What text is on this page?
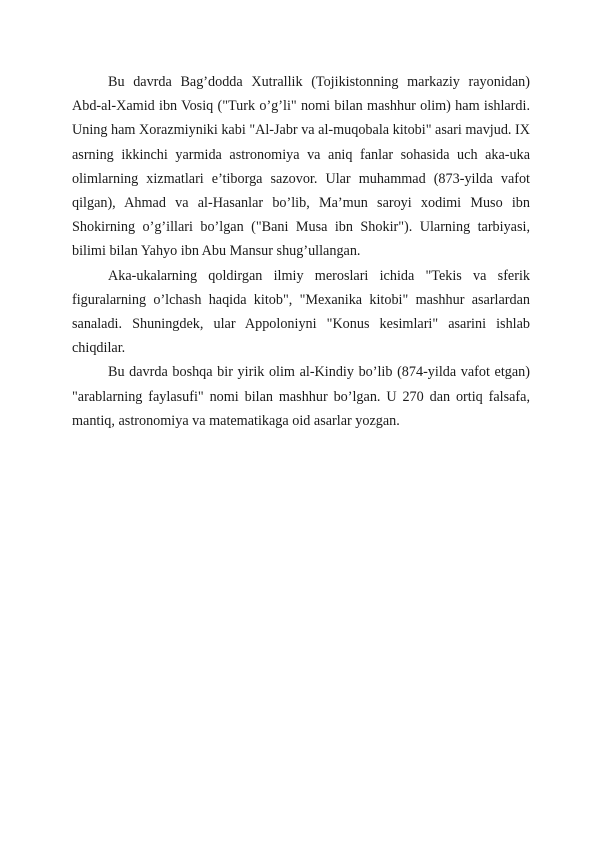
Bu davrda Bag’dodda Xutrallik (Tojikistonning markaziy rayonidan) Abd-al-Xamid ibn Vosiq ("Turk o’g’li" nomi bilan mashhur olim) ham ishlardi. Uning ham Xorazmiyniki kabi "Al-Jabr va al-muqobala kitobi" asari mavjud. IX asrning ikkinchi yarmida astronomiya va aniq fanlar sohasida uch aka-uka olimlarning xizmatlari e’tiborga sazovor. Ular muhammad (873-yilda vafot qilgan), Ahmad va al-Hasanlar bo’lib, Ma’mun saroyi xodimi Muso ibn Shokirning o’g’illari bo’lgan ("Bani Musa ibn Shokir"). Ularning tarbiyasi, bilimi bilan Yahyo ibn Abu Mansur shug’ullangan.

Aka-ukalarning qoldirgan ilmiy meroslari ichida "Tekis va sferik figuralarning o’lchash haqida kitob", "Mexanika kitobi" mashhur asarlardan sanaladi. Shuningdek, ular Appoloniyni "Konus kesimlari" asarini ishlab chiqdilar.

Bu davrda boshqa bir yirik olim al-Kindiy bo’lib (874-yilda vafot etgan) "arablarning faylasufi" nomi bilan mashhur bo’lgan. U 270 dan ortiq falsafa, mantiq, astronomiya va matematikaga oid asarlar yozgan.
